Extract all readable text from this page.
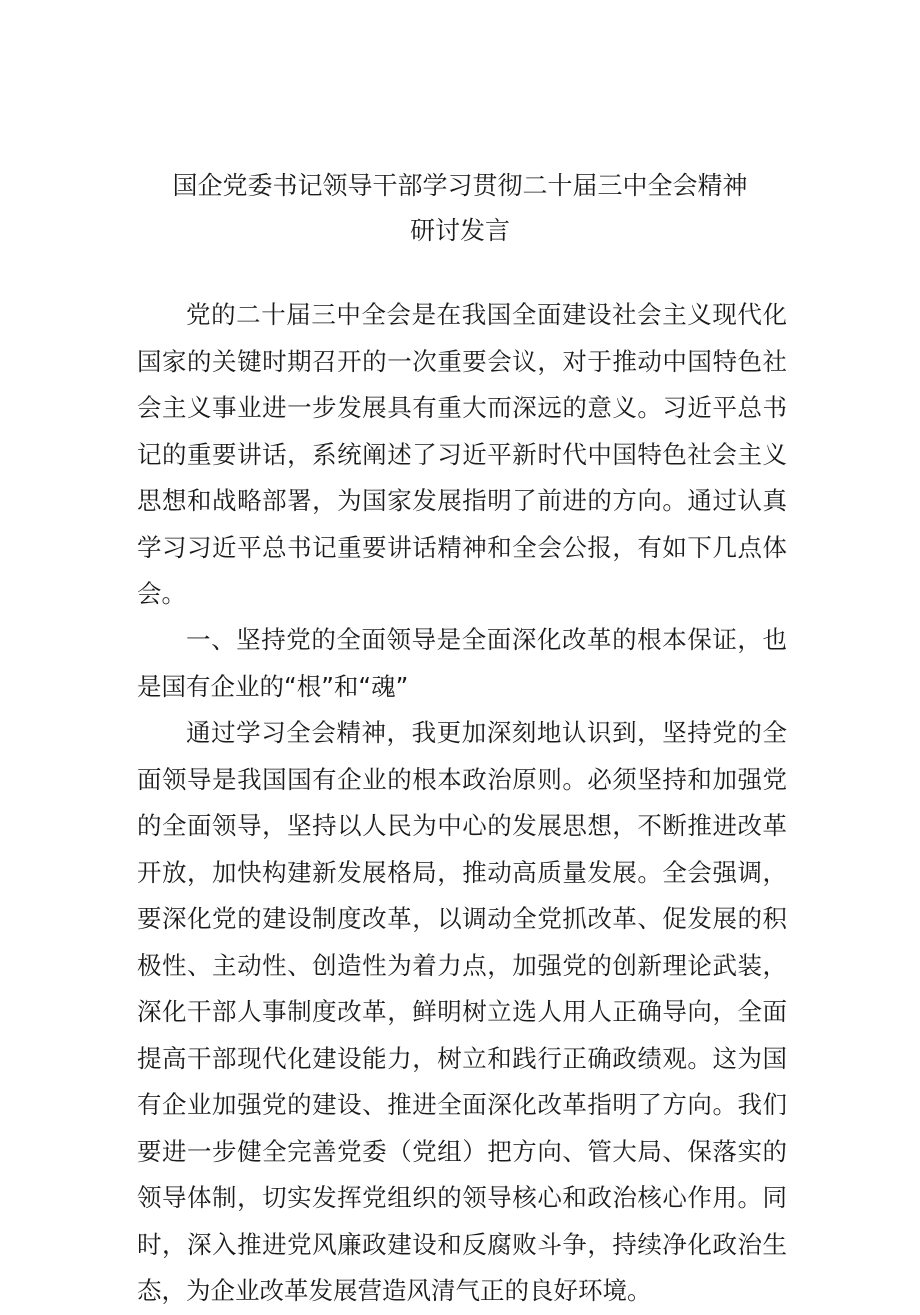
国企党委书记领导干部学习贯彻二十届三中全会精神
研讨发言

党的二十届三中全会是在我国全面建设社会主义现代化国家的关键时期召开的一次重要会议，对于推动中国特色社会主义事业进一步发展具有重大而深远的意义。习近平总书记的重要讲话，系统阐述了习近平新时代中国特色社会主义思想和战略部署，为国家发展指明了前进的方向。通过认真学习习近平总书记重要讲话精神和全会公报，有如下几点体会。

一、坚持党的全面领导是全面深化改革的根本保证，也是国有企业的“根”和“魂”

通过学习全会精神，我更加深刻地认识到，坚持党的全面领导是我国国有企业的根本政治原则。必须坚持和加强党的全面领导，坚持以人民为中心的发展思想，不断推进改革开放，加快构建新发展格局，推动高质量发展。全会强调，要深化党的建设制度改革，以调动全党抓改革、促发展的积极性、主动性、创造性为着力点，加强党的创新理论武装，深化干部人事制度改革，鲜明树立选人用人正确导向，全面提高干部现代化建设能力，树立和践行正确政绩观。这为国有企业加强党的建设、推进全面深化改革指明了方向。我们要进一步健全完善党委（党组）把方向、管大局、保落实的领导体制，切实发挥党组织的领导核心和政治核心作用。同时，深入推进党风廉政建设和反腐败斗争，持续净化政治生态，为企业改革发展营造风清气正的良好环境。
